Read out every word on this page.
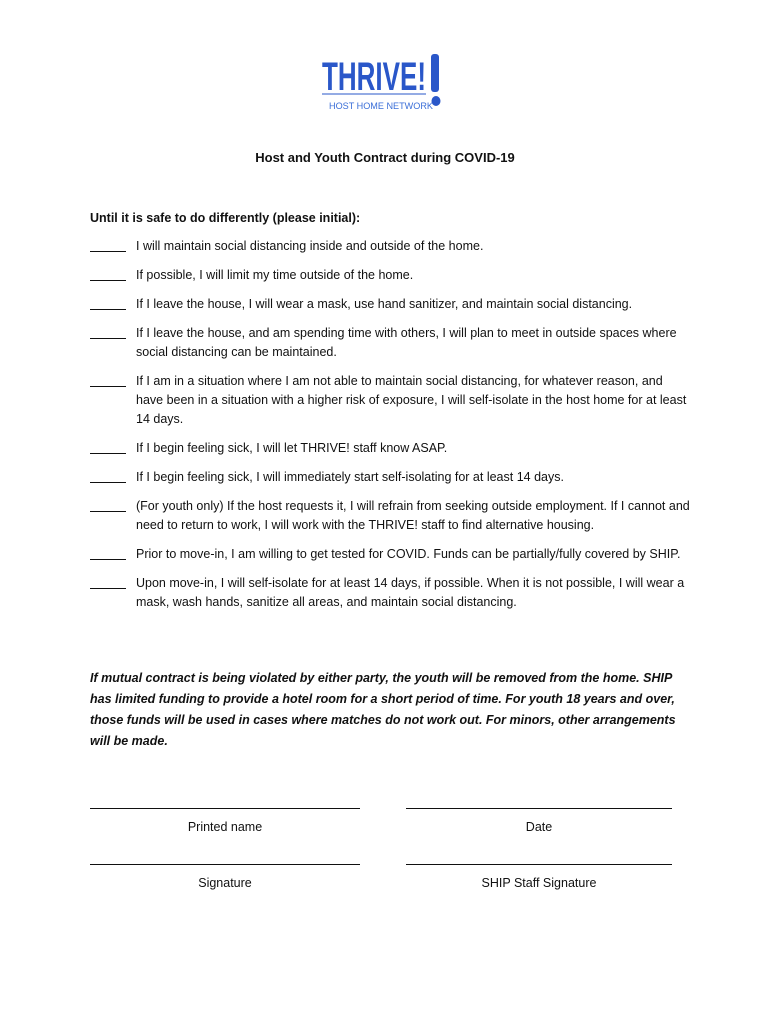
THRIVE!
HOST HOME NETWORK
Host and Youth Contract during COVID-19
Until it is safe to do differently (please initial):
I will maintain social distancing inside and outside of the home.
If possible, I will limit my time outside of the home.
If I leave the house, I will wear a mask, use hand sanitizer, and maintain social distancing.
If I leave the house, and am spending time with others, I will plan to meet in outside spaces where social distancing can be maintained.
If I am in a situation where I am not able to maintain social distancing, for whatever reason, and have been in a situation with a higher risk of exposure, I will self-isolate in the host home for at least 14 days.
If I begin feeling sick, I will let THRIVE! staff know ASAP.
If I begin feeling sick, I will immediately start self-isolating for at least 14 days.
(For youth only) If the host requests it, I will refrain from seeking outside employment. If I cannot and need to return to work, I will work with the THRIVE! staff to find alternative housing.
Prior to move-in, I am willing to get tested for COVID. Funds can be partially/fully covered by SHIP.
Upon move-in, I will self-isolate for at least 14 days, if possible. When it is not possible, I will wear a mask, wash hands, sanitize all areas, and maintain social distancing.
If mutual contract is being violated by either party, the youth will be removed from the home. SHIP has limited funding to provide a hotel room for a short period of time. For youth 18 years and over, those funds will be used in cases where matches do not work out. For minors, other arrangements will be made.
Printed name	Date
Signature	SHIP Staff Signature
